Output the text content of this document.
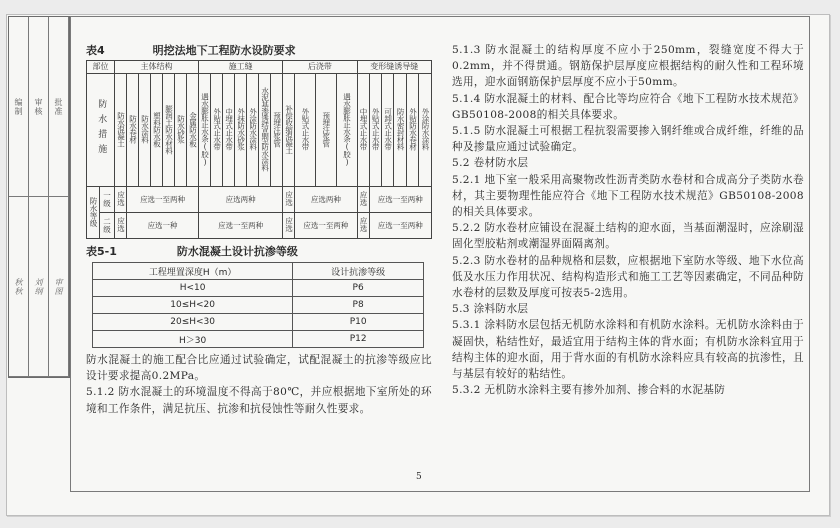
编制	审核	批准
秋秋	刘纲	审图
表4	明挖法地下工程防水设防要求
部位		主体结构							施工缝							后浇带				变形缝诱导缝					
防水措施		防水混凝土	防水卷材	防水涂料	塑料防水板	膨润土防水材料	防水砂浆	金属防水板	遇水膨胀止水条(胶)	外贴式止水带	中埋式止水带	外抹防水砂浆	外涂防水涂料	水泥基渗透结晶型防水涂料	预埋注浆管	补偿收缩混凝土	外贴式止水带	预埋注浆管	遇水膨胀止水条(胶)	中埋式止水带	外贴式止水带	可卸式止水带	防水密封材料	外贴防水卷材	外涂防水涂料
防水等级	一级	应选	应选一至两种						应选两种							应选	应选两种			应选	应选一至两种				
	二级	应选	应选一种						应选一至两种							应选	应选一至两种			应选	应选一至两种				
表5-1	防水混凝土设计抗渗等级
工程埋置深度H（m）	设计抗渗等级
H<10	P6
10≤H<20	P8
20≤H<30	P10
H＞30	P12

防水混凝土的施工配合比应通过试验确定，试配混凝土的抗渗等级应比设计要求提高0.2MPa。

5.1.2 防水混凝土的环境温度不得高于80℃，并应根据地下室所处的环境和工作条件，满足抗压、抗渗和抗侵蚀性等耐久性要求。

5.1.3 防水混凝土的结构厚度不应小于250mm，裂缝宽度不得大于0.2mm，并不得贯通。钢筋保护层厚度应根据结构的耐久性和工程环境选用，迎水面钢筋保护层厚度不应小于50mm。

5.1.4 防水混凝土的材料、配合比等均应符合《地下工程防水技术规范》GB50108-2008的相关具体要求。

5.1.5 防水混凝土可根据工程抗裂需要掺入钢纤维或合成纤维，纤维的品种及掺量应通过试验确定。

5.2 卷材防水层

5.2.1 地下室一般采用高聚物改性沥青类防水卷材和合成高分子类防水卷材，其主要物理性能应符合《地下工程防水技术规范》GB50108-2008的相关具体要求。

5.2.2 防水卷材应铺设在混凝土结构的迎水面，当基面潮湿时，应涂刷湿固化型胶粘剂或潮湿界面隔离剂。

5.2.3 防水卷材的品种规格和层数，应根据地下室防水等级、地下水位高低及水压力作用状况、结构构造形式和施工工艺等因素确定，不同品种防水卷材的层数及厚度可按表5-2选用。

5.3 涂料防水层

5.3.1 涂料防水层包括无机防水涂料和有机防水涂料。无机防水涂料由于凝固快，粘结性好，最适宜用于结构主体的背水面；有机防水涂料宜用于结构主体的迎水面，用于背水面的有机防水涂料应具有较高的抗渗性，且与基层有较好的粘结性。

5.3.2 无机防水涂料主要有掺外加剂、掺合料的水泥基防

5
